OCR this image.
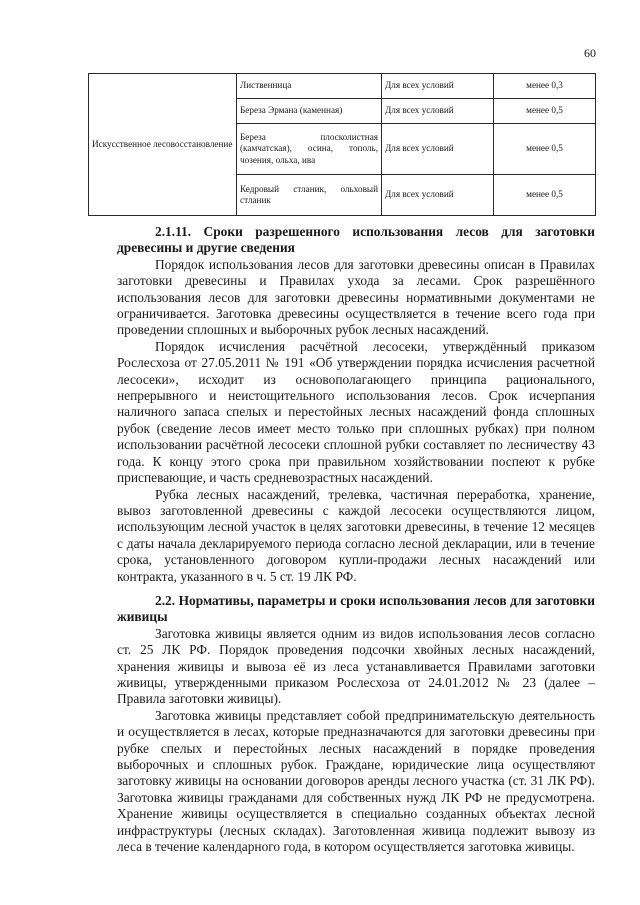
60
Искусственное лесовосстановление	Лиственница	Для всех условий	менее 0,3
	Береза Эрмана (каменная)	Для всех условий	менее 0,5
	Береза плосколистная (камчатская), осина, тополь, чозения, ольха, ива	Для всех условий	менее 0,5
	Кедровый стланик, ольховый стланик	Для всех условий	менее 0,5
2.1.11. Сроки разрешенного использования лесов для заготовки древесины и другие сведения

Порядок использования лесов для заготовки древесины описан в Правилах заготовки древесины и Правилах ухода за лесами. Срок разрешённого использования лесов для заготовки древесины нормативными документами не ограничивается. Заготовка древесины осуществляется в течение всего года при проведении сплошных и выборочных рубок лесных насаждений.

Порядок исчисления расчётной лесосеки, утверждённый приказом Рослесхоза от 27.05.2011 № 191 «Об утверждении порядка исчисления расчетной лесосеки», исходит из основополагающего принципа рационального, непрерывного и неистощительного использования лесов. Срок исчерпания наличного запаса спелых и перестойных лесных насаждений фонда сплошных рубок (сведение лесов имеет место только при сплошных рубках) при полном использовании расчётной лесосеки сплошной рубки составляет по лесничеству 43 года. К концу этого срока при правильном хозяйствовании поспеют к рубке приспевающие, и часть средневозрастных насаждений.

Рубка лесных насаждений, трелевка, частичная переработка, хранение, вывоз заготовленной древесины с каждой лесосеки осуществляются лицом, использующим лесной участок в целях заготовки древесины, в течение 12 месяцев с даты начала декларируемого периода согласно лесной декларации, или в течение срока, установленного договором купли-продажи лесных насаждений или контракта, указанного в ч. 5 ст. 19 ЛК РФ.

2.2. Нормативы, параметры и сроки использования лесов для заготовки живицы

Заготовка живицы является одним из видов использования лесов согласно ст. 25 ЛК РФ. Порядок проведения подсочки хвойных лесных насаждений, хранения живицы и вывоза её из леса устанавливается Правилами заготовки живицы, утвержденными приказом Рослесхоза от 24.01.2012 № 23 (далее – Правила заготовки живицы).

Заготовка живицы представляет собой предпринимательскую деятельность и осуществляется в лесах, которые предназначаются для заготовки древесины при рубке спелых и перестойных лесных насаждений в порядке проведения выборочных и сплошных рубок. Граждане, юридические лица осуществляют заготовку живицы на основании договоров аренды лесного участка (ст. 31 ЛК РФ). Заготовка живицы гражданами для собственных нужд ЛК РФ не предусмотрена. Хранение живицы осуществляется в специально созданных объектах лесной инфраструктуры (лесных складах). Заготовленная живица подлежит вывозу из леса в течение календарного года, в котором осуществляется заготовка живицы.
